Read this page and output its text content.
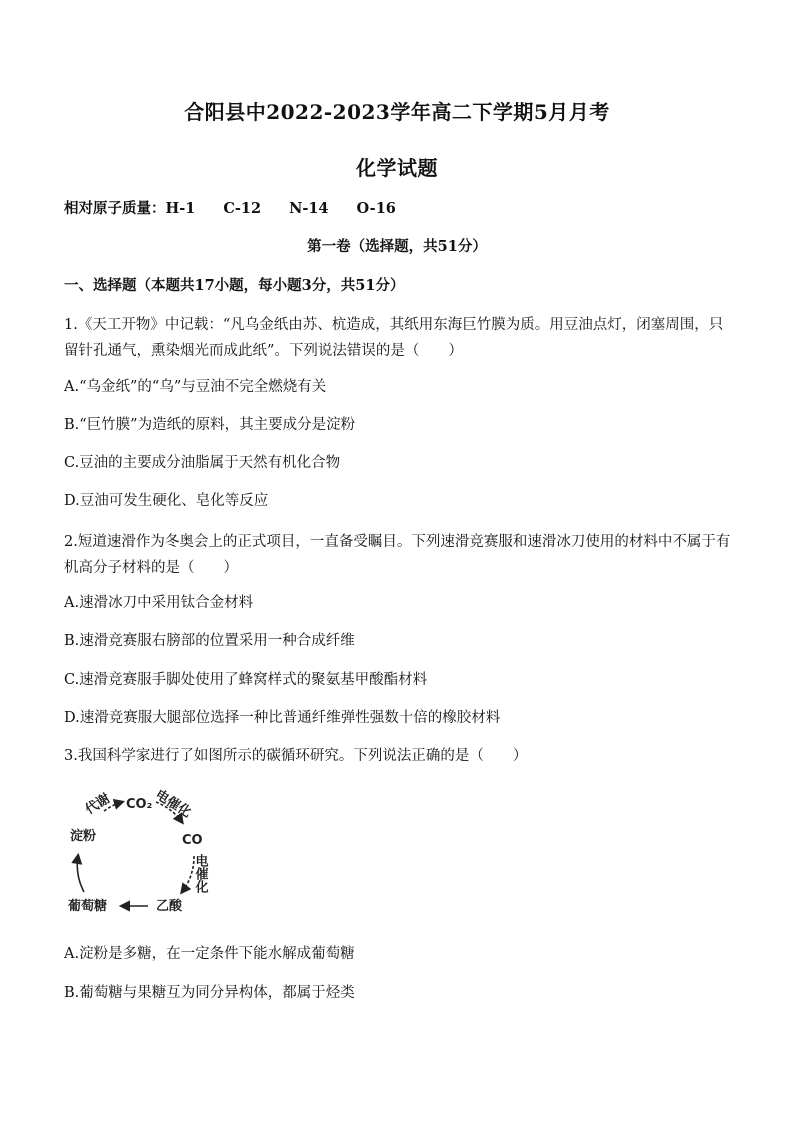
合阳县中2022-2023学年高二下学期5月月考
化学试题
相对原子质量：H-1 C-12 N-14 O-16
第一卷（选择题，共51分）
一、选择题（本题共17小题，每小题3分，共51分）
1.《天工开物》中记载：“凡乌金纸由苏、杭造成，其纸用东海巨竹膜为质。用豆油点灯，闭塞周围，只留针孔通气，熏染烟光而成此纸”。下列说法错误的是（　　）
A.“乌金纸”的“乌”与豆油不完全燃烧有关
B.“巨竹膜”为造纸的原料，其主要成分是淀粉
C.豆油的主要成分油脂属于天然有机化合物
D.豆油可发生硬化、皂化等反应
2.短道速滑作为冬奥会上的正式项目，一直备受瞩目。下列速滑竞赛服和速滑冰刀使用的材料中不属于有机高分子材料的是（　　）
A.速滑冰刀中采用钛合金材料
B.速滑竞赛服右膀部的位置采用一种合成纤维
C.速滑竞赛服手脚处使用了蜂窝样式的聚氨基甲酸酯材料
D.速滑竞赛服大腿部位选择一种比普通纤维弹性强数十倍的橡胶材料
3.我国科学家进行了如图所示的碳循环研究。下列说法正确的是（　　）
CO₂
CO
乙酸
葡萄糖
淀粉
代谢	电催化
电催化
A.淀粉是多糖，在一定条件下能水解成葡萄糖
B.葡萄糖与果糖互为同分异构体，都属于烃类
